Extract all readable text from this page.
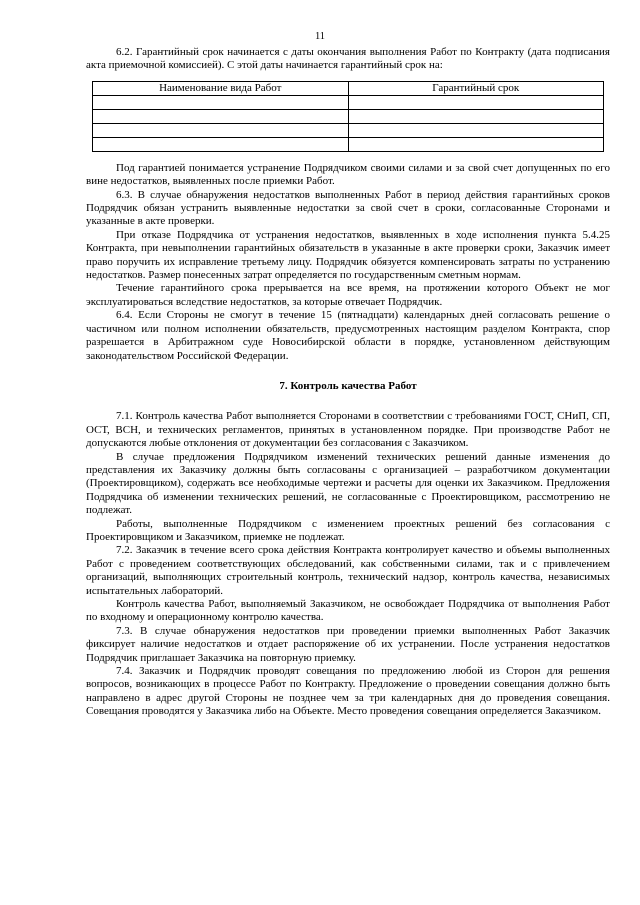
11

6.2. Гарантийный срок начинается с даты окончания выполнения Работ по Контракту (дата подписания акта приемочной комиссией). С этой даты начинается гарантийный срок на:

Наименование вида Работ	Гарантийный срок

Под гарантией понимается устранение Подрядчиком своими силами и за свой счет допущенных по его вине недостатков, выявленных после приемки Работ.

6.3. В случае обнаружения недостатков выполненных Работ в период действия гарантийных сроков Подрядчик обязан устранить выявленные недостатки за свой счет в сроки, согласованные Сторонами и указанные в акте проверки.

При отказе Подрядчика от устранения недостатков, выявленных в ходе исполнения пункта 5.4.25 Контракта, при невыполнении гарантийных обязательств в указанные в акте проверки сроки, Заказчик имеет право поручить их исправление третьему лицу. Подрядчик обязуется компенсировать затраты по устранению недостатков. Размер понесенных затрат определяется по государственным сметным нормам.

Течение гарантийного срока прерывается на все время, на протяжении которого Объект не мог эксплуатироваться вследствие недостатков, за которые отвечает Подрядчик.

6.4. Если Стороны не смогут в течение 15 (пятнадцати) календарных дней согласовать решение о частичном или полном исполнении обязательств, предусмотренных настоящим разделом Контракта, спор разрешается в Арбитражном суде Новосибирской области в порядке, установленном действующим законодательством Российской Федерации.

7. Контроль качества Работ

7.1. Контроль качества Работ выполняется Сторонами в соответствии с требованиями ГОСТ, СНиП, СП, ОСТ, ВСН, и технических регламентов, принятых в установленном порядке. При производстве Работ не допускаются любые отклонения от документации без согласования с Заказчиком.

В случае предложения Подрядчиком изменений технических решений данные изменения до представления их Заказчику должны быть согласованы с организацией – разработчиком документации (Проектировщиком), содержать все необходимые чертежи и расчеты для оценки их Заказчиком. Предложения Подрядчика об изменении технических решений, не согласованные с Проектировщиком, рассмотрению не подлежат.

Работы, выполненные Подрядчиком с изменением проектных решений без согласования с Проектировщиком и Заказчиком, приемке не подлежат.

7.2. Заказчик в течение всего срока действия Контракта контролирует качество и объемы выполненных Работ с проведением соответствующих обследований, как собственными силами, так и с привлечением организаций, выполняющих строительный контроль, технический надзор, контроль качества, независимых испытательных лабораторий.

Контроль качества Работ, выполняемый Заказчиком, не освобождает Подрядчика от выполнения Работ по входному и операционному контролю качества.

7.3. В случае обнаружения недостатков при проведении приемки выполненных Работ Заказчик фиксирует наличие недостатков и отдает распоряжение об их устранении. После устранения недостатков Подрядчик приглашает Заказчика на повторную приемку.

7.4. Заказчик и Подрядчик проводят совещания по предложению любой из Сторон для решения вопросов, возникающих в процессе Работ по Контракту. Предложение о проведении совещания должно быть направлено в адрес другой Стороны не позднее чем за три календарных дня до проведения совещания. Совещания проводятся у Заказчика либо на Объекте. Место проведения совещания определяется Заказчиком.
